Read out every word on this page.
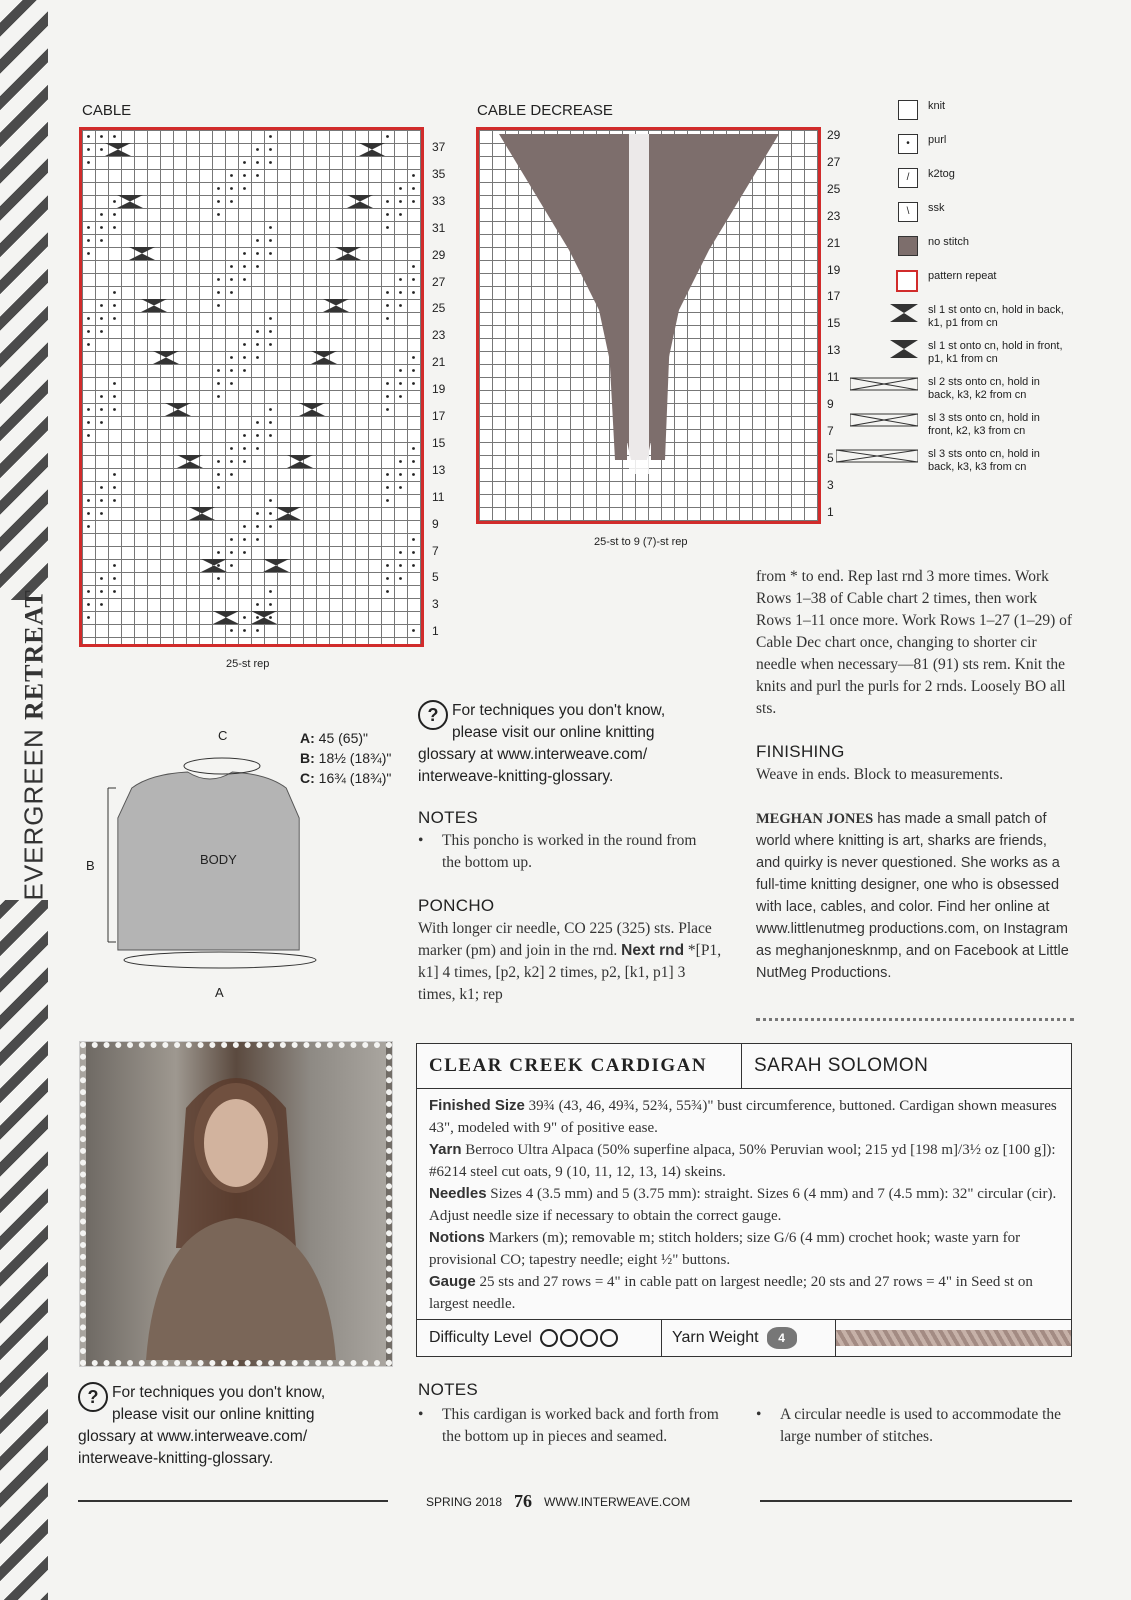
EVERGREEN RETREAT
CABLE
37
35
33
31
29
27
25
23
21
19
17
15
13
11
9
7
5
3
1
25-st rep
CABLE DECREASE
29
27
25
23
21
19
17
15
13
11
9
7
5
3
1
25-st to 9 (7)-st rep
knit
•	purl
/	k2tog
\	ssk
no stitch
pattern repeat
sl 1 st onto cn, hold in back, k1, p1 from cn
sl 1 st onto cn, hold in front, p1, k1 from cn
sl 2 sts onto cn, hold in back, k3, k2 from cn
sl 3 sts onto cn, hold in front, k2, k3 from cn
sl 3 sts onto cn, hold in back, k3, k3 from cn
C
B
A
BODY
A: 45 (65)"
B: 18½ (18¾)"
C: 16¾ (18¾)"
? For techniques you don't know,
please visit our online knitting
glossary at www.interweave.com/
interweave-knitting-glossary.
NOTES
•	This poncho is worked in the round from the bottom up.
PONCHO
With longer cir needle, CO 225 (325) sts. Place marker (pm) and join in the rnd. Next rnd *[P1, k1] 4 times, [p2, k2] 2 times, p2, [k1, p1] 3 times, k1; rep
from * to end. Rep last rnd 3 more times. Work Rows 1–38 of Cable chart 2 times, then work Rows 1–11 once more. Work Rows 1–27 (1–29) of Cable Dec chart once, changing to shorter cir needle when necessary—81 (91) sts rem. Knit the knits and purl the purls for 2 rnds. Loosely BO all sts.
FINISHING
Weave in ends. Block to measurements.
MEGHAN JONES has made a small patch of world where knitting is art, sharks are friends, and quirky is never questioned. She works as a full-time knitting designer, one who is obsessed with lace, cables, and color. Find her online at www.littlenutmeg productions.com, on Instagram as meghanjonesknmp, and on Facebook at Little NutMeg Productions.
CLEAR CREEK CARDIGAN	SARAH SOLOMON
Finished Size 39¾ (43, 46, 49¾, 52¾, 55¾)" bust circumference, buttoned. Cardigan shown measures 43", modeled with 9" of positive ease.
Yarn Berroco Ultra Alpaca (50% superfine alpaca, 50% Peruvian wool; 215 yd [198 m]/3½ oz [100 g]): #6214 steel cut oats, 9 (10, 11, 12, 13, 14) skeins.
Needles Sizes 4 (3.5 mm) and 5 (3.75 mm): straight. Sizes 6 (4 mm) and 7 (4.5 mm): 32" circular (cir). Adjust needle size if necessary to obtain the correct gauge.
Notions Markers (m); removable m; stitch holders; size G/6 (4 mm) crochet hook; waste yarn for provisional CO; tapestry needle; eight ½" buttons.
Gauge 25 sts and 27 rows = 4" in cable patt on largest needle; 20 sts and 27 rows = 4" in Seed st on largest needle.
Difficulty Level	Yarn Weight	4
? For techniques you don't know,
please visit our online knitting
glossary at www.interweave.com/
interweave-knitting-glossary.
NOTES
•	This cardigan is worked back and forth from the bottom up in pieces and seamed.
•	A circular needle is used to accommodate the large number of stitches.
SPRING 2018 76 WWW.INTERWEAVE.COM
